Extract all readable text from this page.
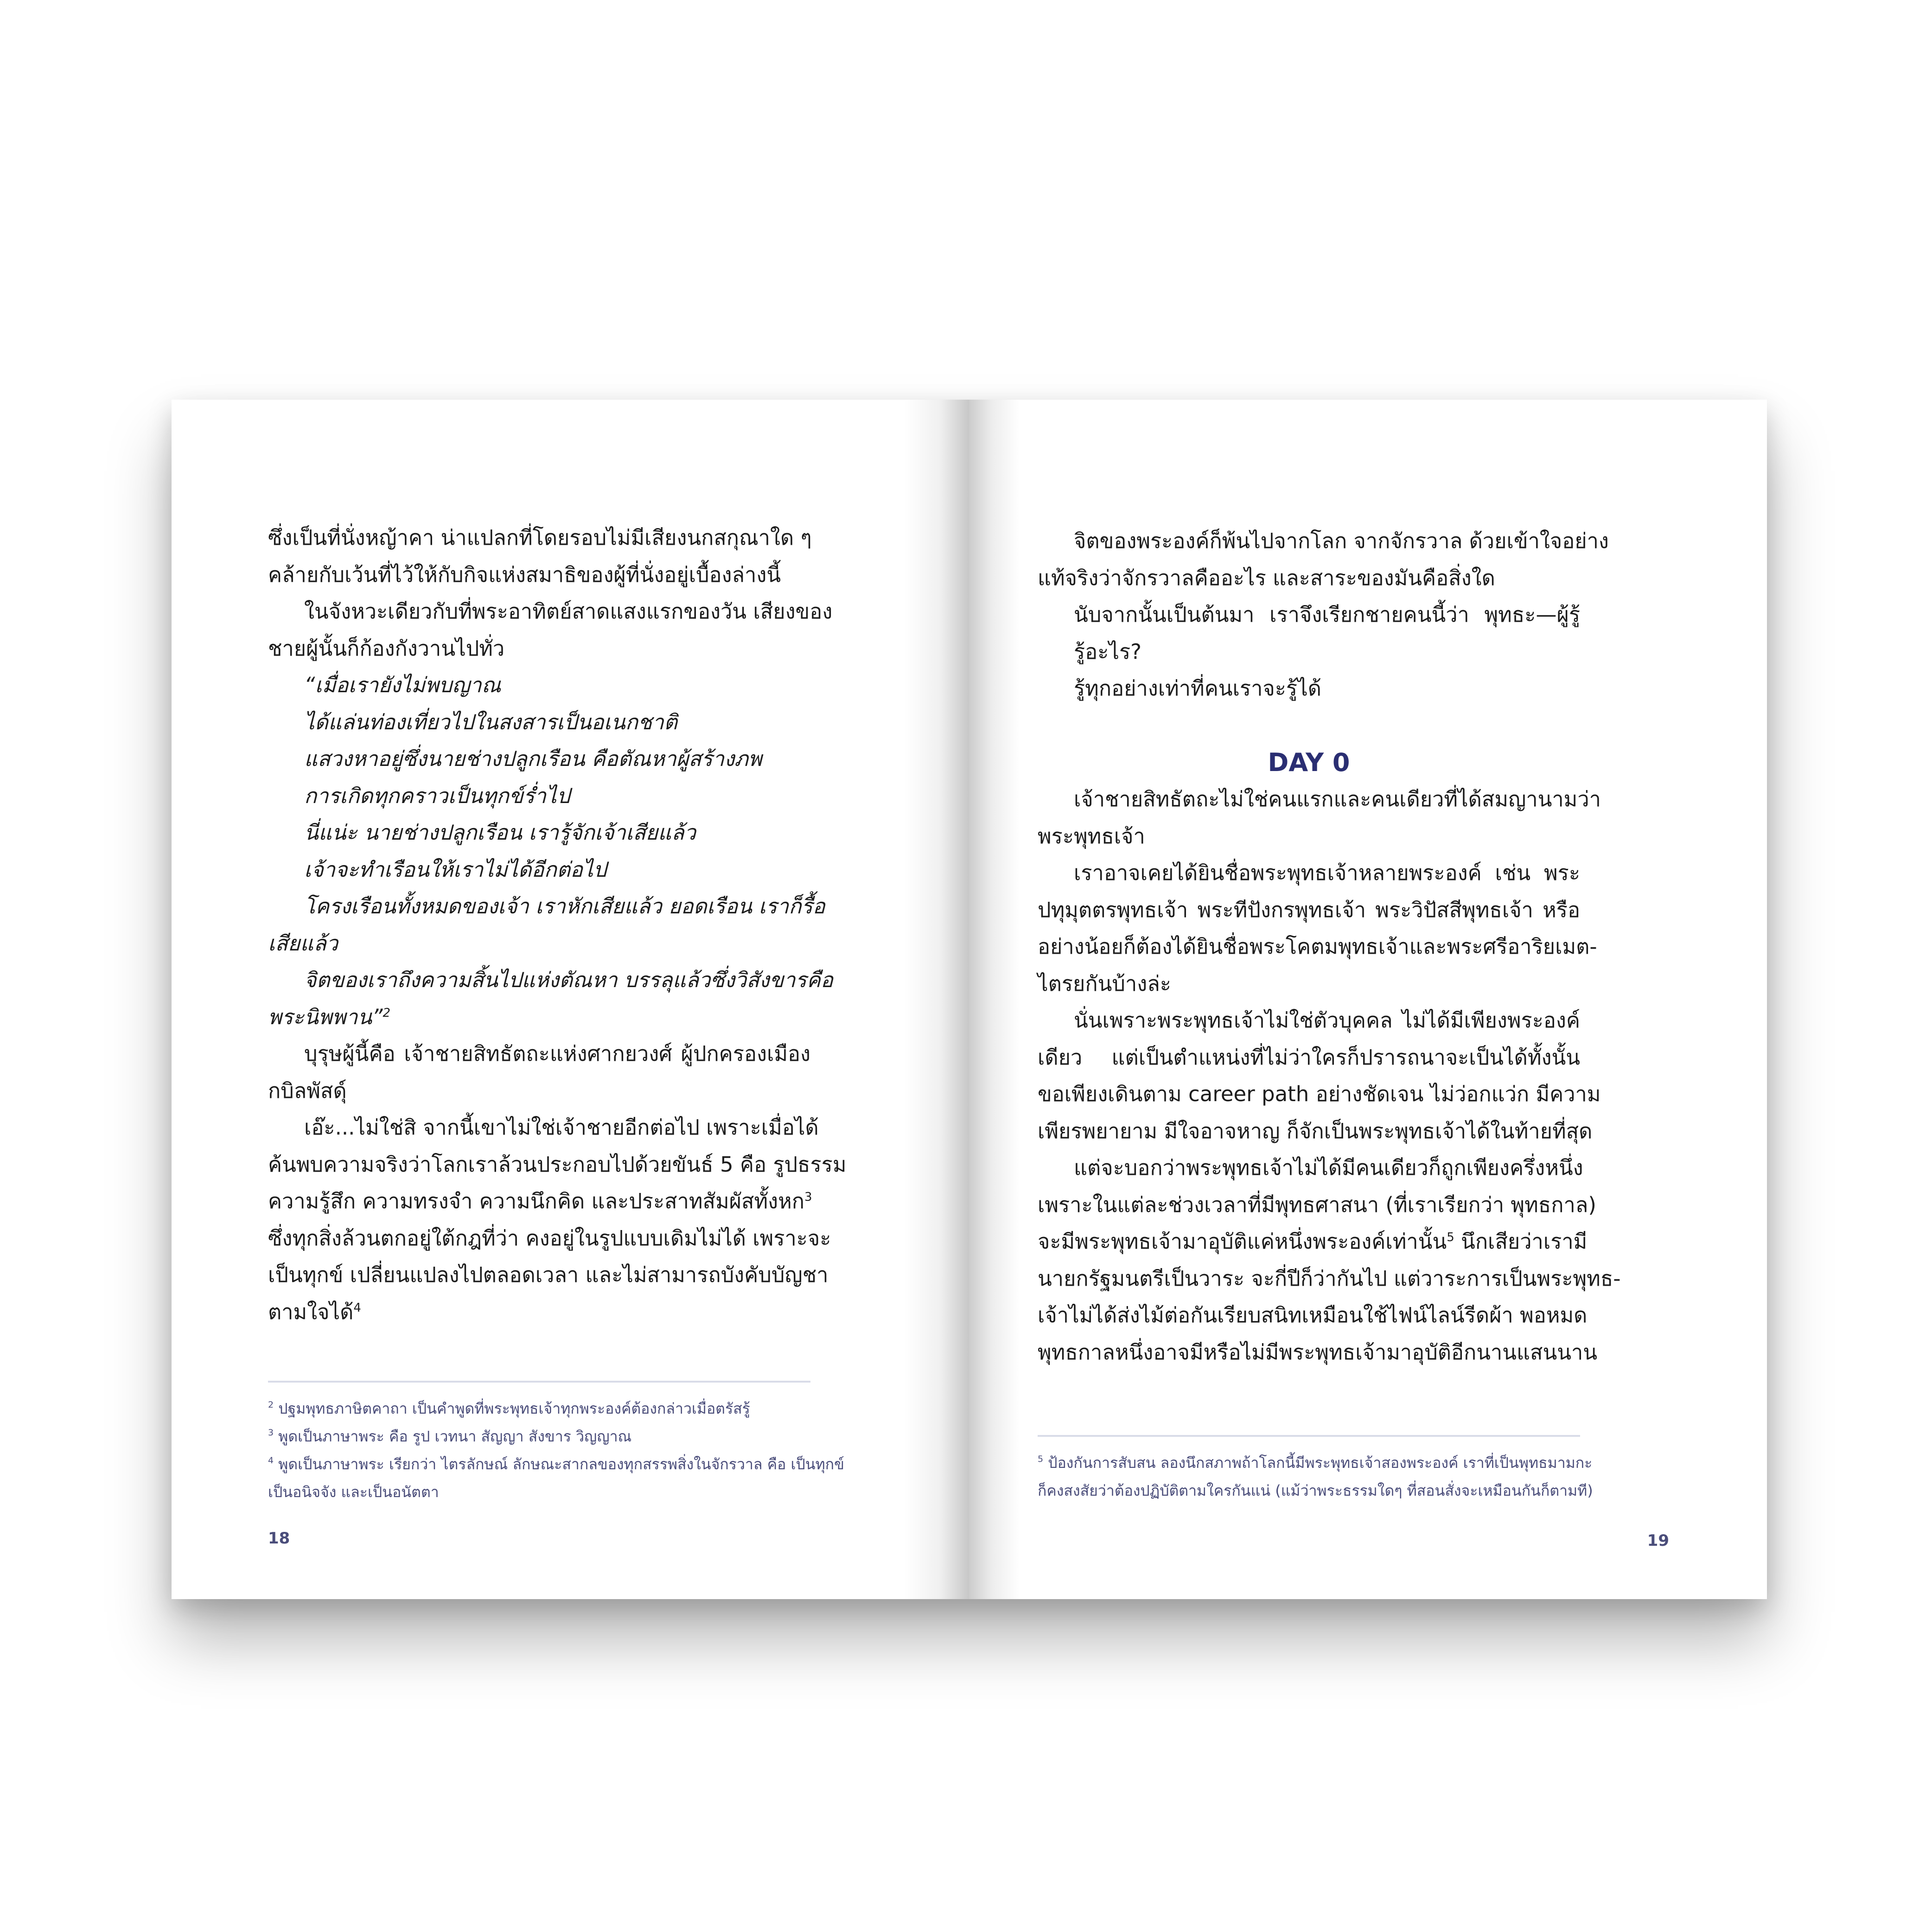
ซึ่งเป็นที่นั่งหญ้าคา น่าแปลกที่โดยรอบไม่มีเสียงนกสกุณาใด ๆ
คล้ายกับเว้นที่ไว้ให้กับกิจแห่งสมาธิของผู้ที่นั่งอยู่เบื้องล่างนี้
ในจังหวะเดียวกับที่พระอาทิตย์สาดแสงแรกของวัน เสียงของ
ชายผู้นั้นก็ก้องกังวานไปทั่ว
“เมื่อเรายังไม่พบญาณ
ได้แล่นท่องเที่ยวไปในสงสารเป็นอเนกชาติ
แสวงหาอยู่ซึ่งนายช่างปลูกเรือน คือตัณหาผู้สร้างภพ
การเกิดทุกคราวเป็นทุกข์ร่ำไป
นี่แน่ะ นายช่างปลูกเรือน เรารู้จักเจ้าเสียแล้ว
เจ้าจะทำเรือนให้เราไม่ได้อีกต่อไป
โครงเรือนทั้งหมดของเจ้า เราหักเสียแล้ว ยอดเรือน เราก็รื้อ
เสียแล้ว
จิตของเราถึงความสิ้นไปแห่งตัณหา บรรลุแล้วซึ่งวิสังขารคือ
พระนิพพาน”$^2$
บุรุษผู้นี้คือ เจ้าชายสิทธัตถะแห่งศากยวงศ์ ผู้ปกครองเมือง
กบิลพัสดุ์
เอ๊ะ...ไม่ใช่สิ จากนี้เขาไม่ใช่เจ้าชายอีกต่อไป เพราะเมื่อได้
ค้นพบความจริงว่าโลกเราล้วนประกอบไปด้วยขันธ์ 5 คือ รูปธรรม
ความรู้สึก ความทรงจำ ความนึกคิด และประสาทสัมผัสทั้งหก$^3$
ซึ่งทุกสิ่งล้วนตกอยู่ใต้กฎที่ว่า คงอยู่ในรูปแบบเดิมไม่ได้ เพราะจะ
เป็นทุกข์ เปลี่ยนแปลงไปตลอดเวลา และไม่สามารถบังคับบัญชา
ตามใจได้$^4$
$^2$ ปฐมพุทธภาษิตคาถา เป็นคำพูดที่พระพุทธเจ้าทุกพระองค์ต้องกล่าวเมื่อตรัสรู้
$^3$ พูดเป็นภาษาพระ คือ รูป เวทนา สัญญา สังขาร วิญญาณ
$^4$ พูดเป็นภาษาพระ เรียกว่า ไตรลักษณ์ ลักษณะสากลของทุกสรรพสิ่งในจักรวาล คือ เป็นทุกข์
เป็นอนิจจัง และเป็นอนัตตา
18
จิตของพระองค์ก็พ้นไปจากโลก จากจักรวาล ด้วยเข้าใจอย่าง
แท้จริงว่าจักรวาลคืออะไร และสาระของมันคือสิ่งใด
นับจากนั้นเป็นต้นมา เราจึงเรียกชายคนนี้ว่า พุทธะ—ผู้รู้
รู้อะไร?
รู้ทุกอย่างเท่าที่คนเราจะรู้ได้
DAY 0
เจ้าชายสิทธัตถะไม่ใช่คนแรกและคนเดียวที่ได้สมญานามว่า
พระพุทธเจ้า
เราอาจเคยได้ยินชื่อพระพุทธเจ้าหลายพระองค์ เช่น พระ
ปทุมุตตรพุทธเจ้า พระทีปังกรพุทธเจ้า พระวิปัสสีพุทธเจ้า หรือ
อย่างน้อยก็ต้องได้ยินชื่อพระโคตมพุทธเจ้าและพระศรีอาริยเมต-
ไตรยกันบ้างล่ะ
นั่นเพราะพระพุทธเจ้าไม่ใช่ตัวบุคคล ไม่ได้มีเพียงพระองค์
เดียว แต่เป็นตำแหน่งที่ไม่ว่าใครก็ปรารถนาจะเป็นได้ทั้งนั้น
ขอเพียงเดินตาม career path อย่างชัดเจน ไม่ว่อกแว่ก มีความ
เพียรพยายาม มีใจอาจหาญ ก็จักเป็นพระพุทธเจ้าได้ในท้ายที่สุด
แต่จะบอกว่าพระพุทธเจ้าไม่ได้มีคนเดียวก็ถูกเพียงครึ่งหนึ่ง
เพราะในแต่ละช่วงเวลาที่มีพุทธศาสนา (ที่เราเรียกว่า พุทธกาล)
จะมีพระพุทธเจ้ามาอุบัติแค่หนึ่งพระองค์เท่านั้น$^5$ นึกเสียว่าเรามี
นายกรัฐมนตรีเป็นวาระ จะกี่ปีก็ว่ากันไป แต่วาระการเป็นพระพุทธ-
เจ้าไม่ได้ส่งไม้ต่อกันเรียบสนิทเหมือนใช้ไฟน์ไลน์รีดผ้า พอหมด
พุทธกาลหนึ่งอาจมีหรือไม่มีพระพุทธเจ้ามาอุบัติอีกนานแสนนาน
$^5$ ป้องกันการสับสน ลองนึกสภาพถ้าโลกนี้มีพระพุทธเจ้าสองพระองค์ เราที่เป็นพุทธมามกะ
ก็คงสงสัยว่าต้องปฏิบัติตามใครกันแน่ (แม้ว่าพระธรรมใดๆ ที่สอนสั่งจะเหมือนกันก็ตามที)
19
